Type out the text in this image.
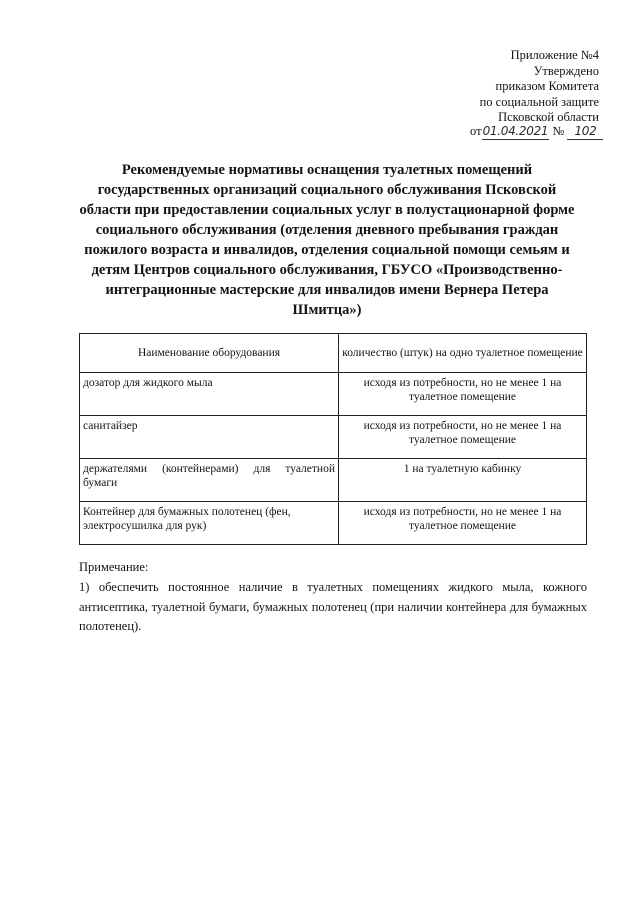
Приложение №4
Утверждено
приказом Комитета
по социальной защите
Псковской области
от01.04.2021 № 102
Рекомендуемые нормативы оснащения туалетных помещений государственных организаций социального обслуживания Псковской области при предоставлении социальных услуг в полустационарной форме социального обслуживания (отделения дневного пребывания граждан пожилого возраста и инвалидов, отделения социальной помощи семьям и детям Центров социального обслуживания, ГБУСО «Производственно-интеграционные мастерские для инвалидов имени Вернера Петера Шмитца»)
Наименование оборудования	количество (штук) на одно туалетное помещение
дозатор для жидкого мыла	исходя из потребности, но не менее 1 на туалетное помещение
санитайзер	исходя из потребности, но не менее 1 на туалетное помещение
держателями (контейнерами) для туалетной бумаги	1 на туалетную кабинку
Контейнер для бумажных полотенец (фен, электросушилка для рук)	исходя из потребности, но не менее 1 на туалетное помещение
Примечание:
1) обеспечить постоянное наличие в туалетных помещениях жидкого мыла, кожного антисептика, туалетной бумаги, бумажных полотенец (при наличии контейнера для бумажных полотенец).
